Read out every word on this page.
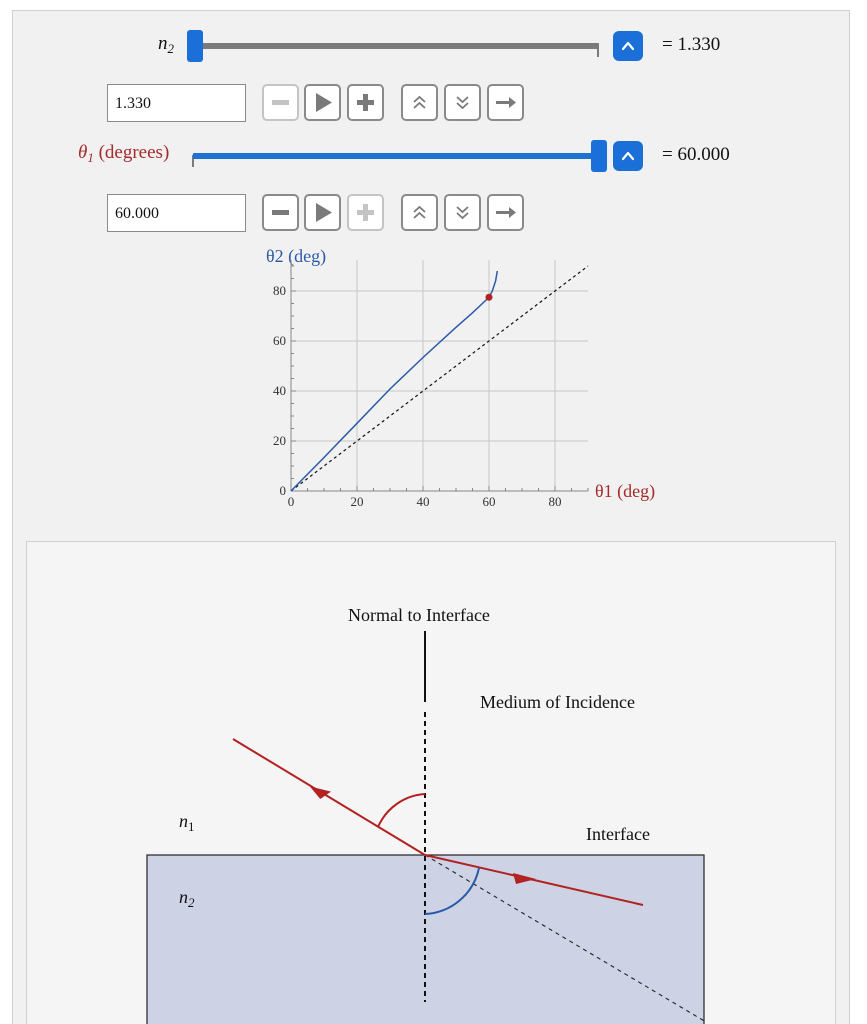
$n_2$	= 1.330
1.330
$\theta_1$ (degrees)	= 60.000
60.000
θ2 (deg)
θ1 (deg)
0	20	40	60	80
0
20
40
60
80
Normal to Interface
Medium of Incidence
Interface
$n_1$
$n_2$
